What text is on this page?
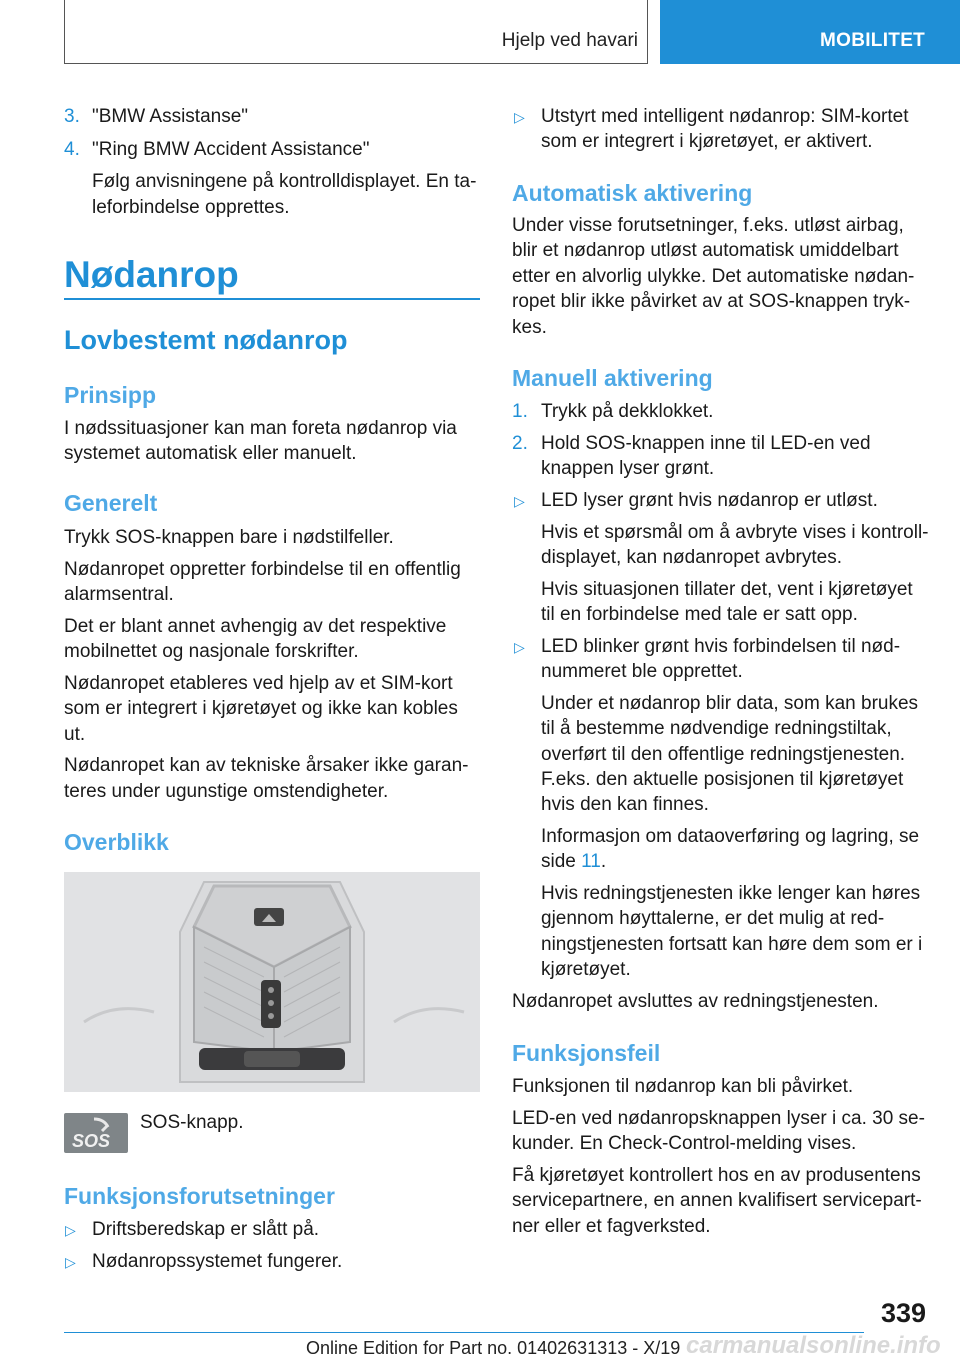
Hjelp ved havari	MOBILITET
3. "BMW Assistanse"

4. "Ring BMW Accident Assistance"

Følg anvisningene på kontrolldisplayet. En ta‐

leforbindelse opprettes.

Nødanrop
Lovbestemt nødanrop
Prinsipp

I nødssituasjoner kan man foreta nødanrop via

systemet automatisk eller manuelt.

Generelt

Trykk SOS-knappen bare i nødstilfeller.

Nødanropet oppretter forbindelse til en offentlig

alarmsentral.

Det er blant annet avhengig av det respektive

mobilnettet og nasjonale forskrifter.

Nødanropet etableres ved hjelp av et SIM-kort

som er integrert i kjøretøyet og ikke kan kobles

ut.

Nødanropet kan av tekniske årsaker ikke garan‐

teres under ugunstige omstendigheter.

Overblikk
SOS

SOS-knapp.

Funksjonsforutsetninger
▷ Driftsberedskap er slått på.

▷ Nødanropssystemet fungerer.

▷ Utstyrt med intelligent nødanrop: SIM-kortet

som er integrert i kjøretøyet, er aktivert.

Automatisk aktivering

Under visse forutsetninger, f.eks. utløst airbag,

blir et nødanrop utløst automatisk umiddelbart

etter en alvorlig ulykke. Det automatiske nødan‐

ropet blir ikke påvirket av at SOS-knappen tryk‐

kes.

Manuell aktivering
1. Trykk på dekklokket.

2. Hold SOS-knappen inne til LED-en ved

knappen lyser grønt.

▷ LED lyser grønt hvis nødanrop er utløst.

Hvis et spørsmål om å avbryte vises i kontroll‐

displayet, kan nødanropet avbrytes.

Hvis situasjonen tillater det, vent i kjøretøyet

til en forbindelse med tale er satt opp.

▷ LED blinker grønt hvis forbindelsen til nød‐

nummeret ble opprettet.

Under et nødanrop blir data, som kan brukes

til å bestemme nødvendige redningstiltak,

overført til den offentlige redningstjenesten.

F.eks. den aktuelle posisjonen til kjøretøyet

hvis den kan finnes.

Informasjon om dataoverføring og lagring, se

side 11.

Hvis redningstjenesten ikke lenger kan høres

gjennom høyttalerne, er det mulig at red‐

ningstjenesten fortsatt kan høre dem som er i

kjøretøyet.

Nødanropet avsluttes av redningstjenesten.

Funksjonsfeil

Funksjonen til nødanrop kan bli påvirket.

LED-en ved nødanropsknappen lyser i ca. 30 se‐

kunder. En Check-Control-melding vises.

Få kjøretøyet kontrollert hos en av produsentens

servicepartnere, en annen kvalifisert servicepart‐

ner eller et fagverksted.

339
Online Edition for Part no. 01402631313 - X/19 carmanualsonline.info
